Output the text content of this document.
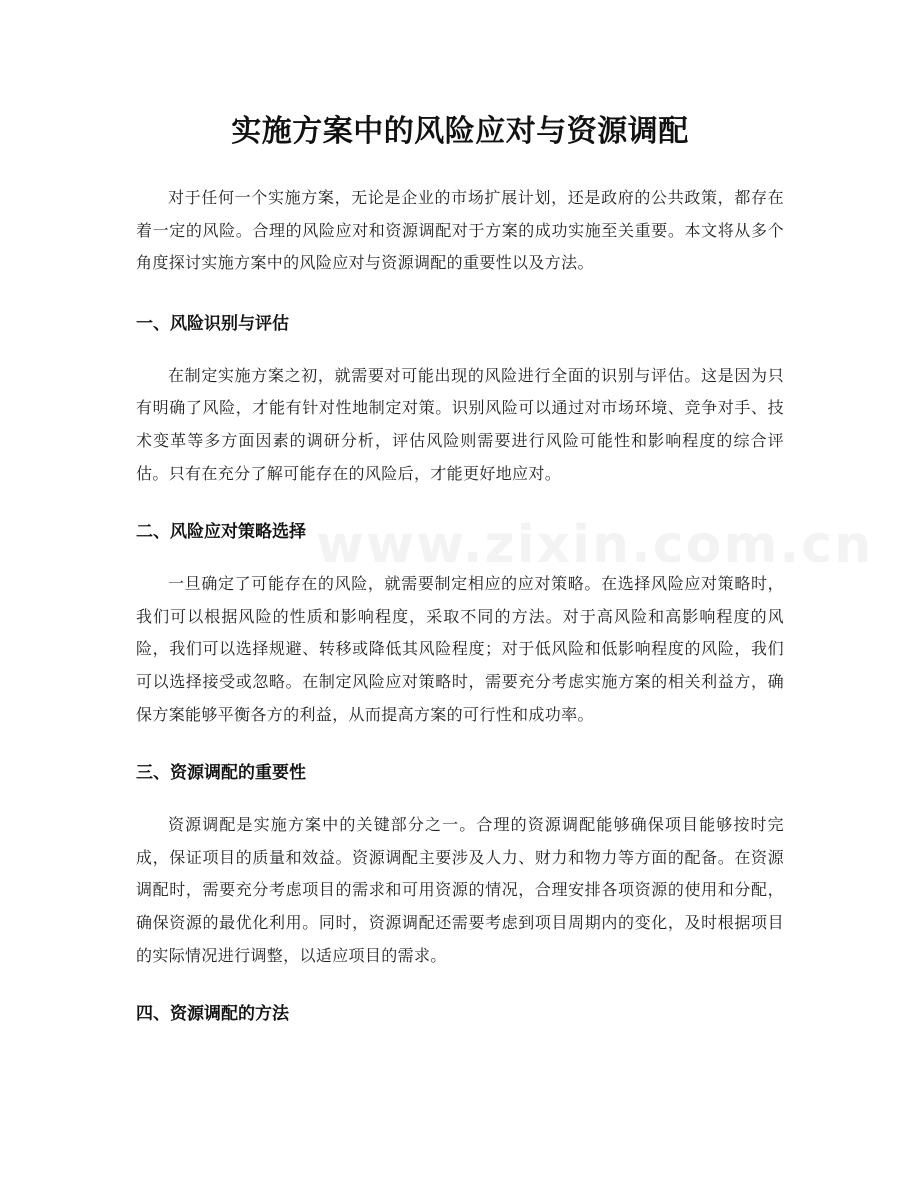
实施方案中的风险应对与资源调配

对于任何一个实施方案，无论是企业的市场扩展计划，还是政府的公共政策，都存在着一定的风险。合理的风险应对和资源调配对于方案的成功实施至关重要。本文将从多个角度探讨实施方案中的风险应对与资源调配的重要性以及方法。

一、风险识别与评估

在制定实施方案之初，就需要对可能出现的风险进行全面的识别与评估。这是因为只有明确了风险，才能有针对性地制定对策。识别风险可以通过对市场环境、竞争对手、技术变革等多方面因素的调研分析，评估风险则需要进行风险可能性和影响程度的综合评估。只有在充分了解可能存在的风险后，才能更好地应对。

二、风险应对策略选择

一旦确定了可能存在的风险，就需要制定相应的应对策略。在选择风险应对策略时，我们可以根据风险的性质和影响程度，采取不同的方法。对于高风险和高影响程度的风险，我们可以选择规避、转移或降低其风险程度；对于低风险和低影响程度的风险，我们可以选择接受或忽略。在制定风险应对策略时，需要充分考虑实施方案的相关利益方，确保方案能够平衡各方的利益，从而提高方案的可行性和成功率。

三、资源调配的重要性

资源调配是实施方案中的关键部分之一。合理的资源调配能够确保项目能够按时完成，保证项目的质量和效益。资源调配主要涉及人力、财力和物力等方面的配备。在资源调配时，需要充分考虑项目的需求和可用资源的情况，合理安排各项资源的使用和分配，确保资源的最优化利用。同时，资源调配还需要考虑到项目周期内的变化，及时根据项目的实际情况进行调整，以适应项目的需求。

四、资源调配的方法
www.zixin.com.cn
